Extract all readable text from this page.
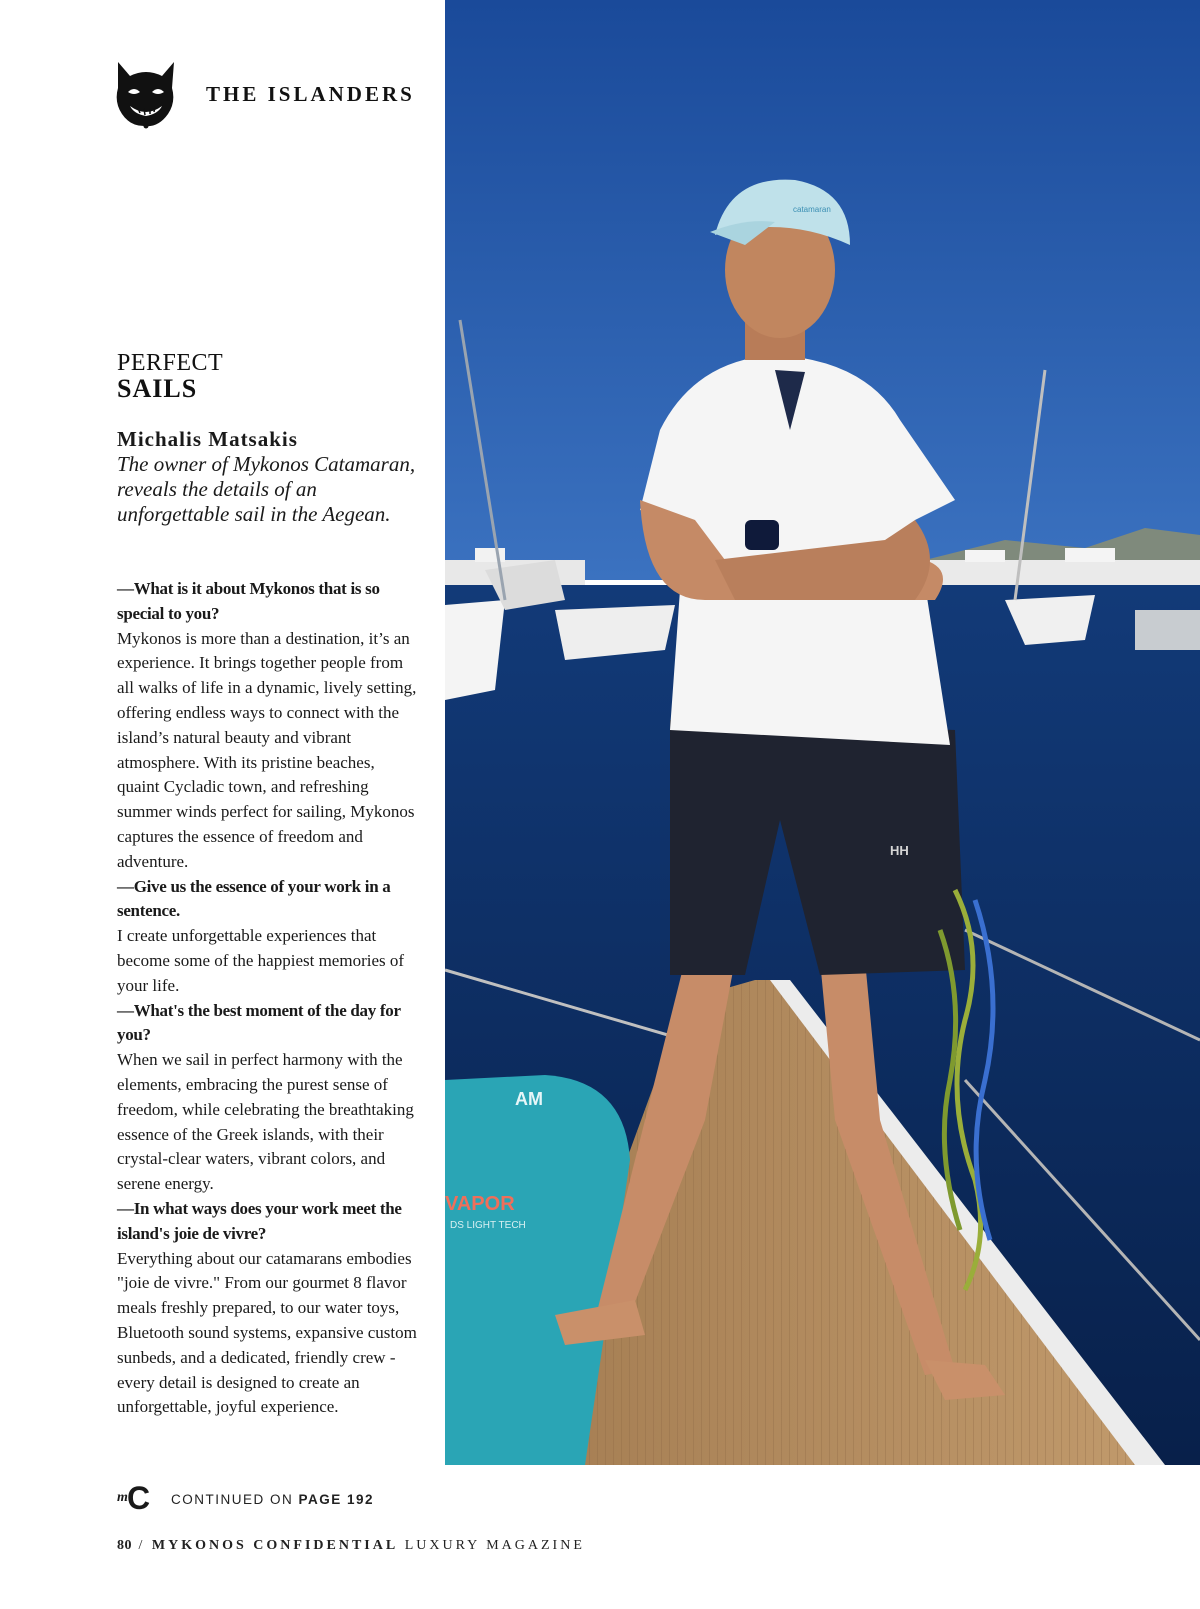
THE ISLANDERS
AM
VAPOR
DS LIGHT TECH
HH
catamaran
PERFECT
SAILS
Michalis Matsakis
The owner of Mykonos Catamaran, reveals the details of an unforgettable sail in the Aegean.

—What is it about Mykonos that is so special to you?

Mykonos is more than a destination, it’s an experience. It brings together people from all walks of life in a dynamic, lively setting, offering endless ways to connect with the island’s natural beauty and vibrant atmosphere. With its pristine beaches, quaint Cycladic town, and refreshing summer winds perfect for sailing, Mykonos captures the essence of freedom and adventure.

—Give us the essence of your work in a sentence.

I create unforgettable experiences that become some of the happiest memories of your life.

—What's the best moment of the day for you?

When we sail in perfect harmony with the elements, embracing the purest sense of freedom, while celebrating the breathtaking essence of the Greek islands, with their crystal-clear waters, vibrant colors, and serene energy.

—In what ways does your work meet the island's joie de vivre?

Everything about our catamarans embodies "joie de vivre." From our gourmet 8 flavor meals freshly prepared, to our water toys, Bluetooth sound systems, expansive custom sunbeds, and a dedicated, friendly crew -every detail is designed to create an unforgettable, joyful experience.

m C CONTINUED ON PAGE 192
80 / MYKONOS CONFIDENTIAL LUXURY MAGAZINE
